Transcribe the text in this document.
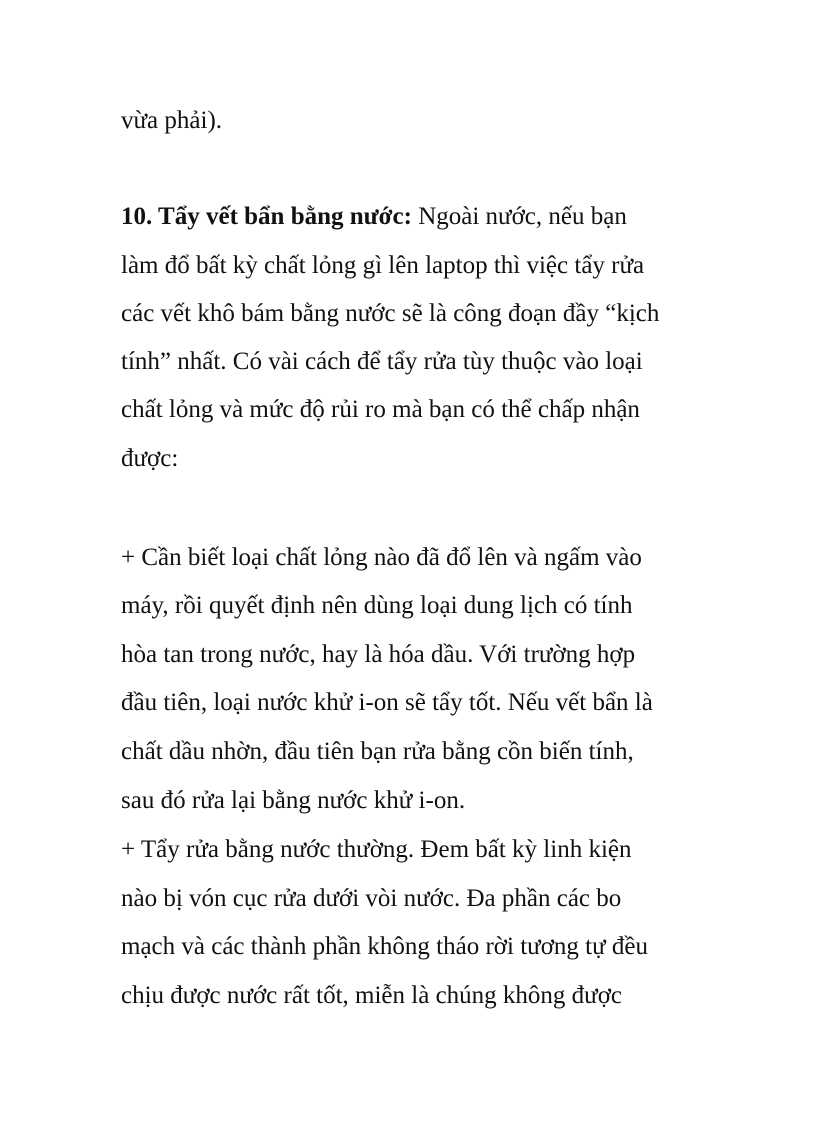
vừa phải).
10. Tẩy vết bẩn bằng nước: Ngoài nước, nếu bạn
làm đổ bất kỳ chất lỏng gì lên laptop thì việc tẩy rửa
các vết khô bám bằng nước sẽ là công đoạn đầy “kịch
tính” nhất. Có vài cách để tẩy rửa tùy thuộc vào loại
chất lỏng và mức độ rủi ro mà bạn có thể chấp nhận
được:
+ Cần biết loại chất lỏng nào đã đổ lên và ngấm vào
máy, rồi quyết định nên dùng loại dung lịch có tính
hòa tan trong nước, hay là hóa dầu. Với trường hợp
đầu tiên, loại nước khử i-on sẽ tẩy tốt. Nếu vết bẩn là
chất dầu nhờn, đầu tiên bạn rửa bằng cồn biến tính,
sau đó rửa lại bằng nước khử i-on.
+ Tẩy rửa bằng nước thường. Đem bất kỳ linh kiện
nào bị vón cục rửa dưới vòi nước. Đa phần các bo
mạch và các thành phần không tháo rời tương tự đều
chịu được nước rất tốt, miễn là chúng không được
